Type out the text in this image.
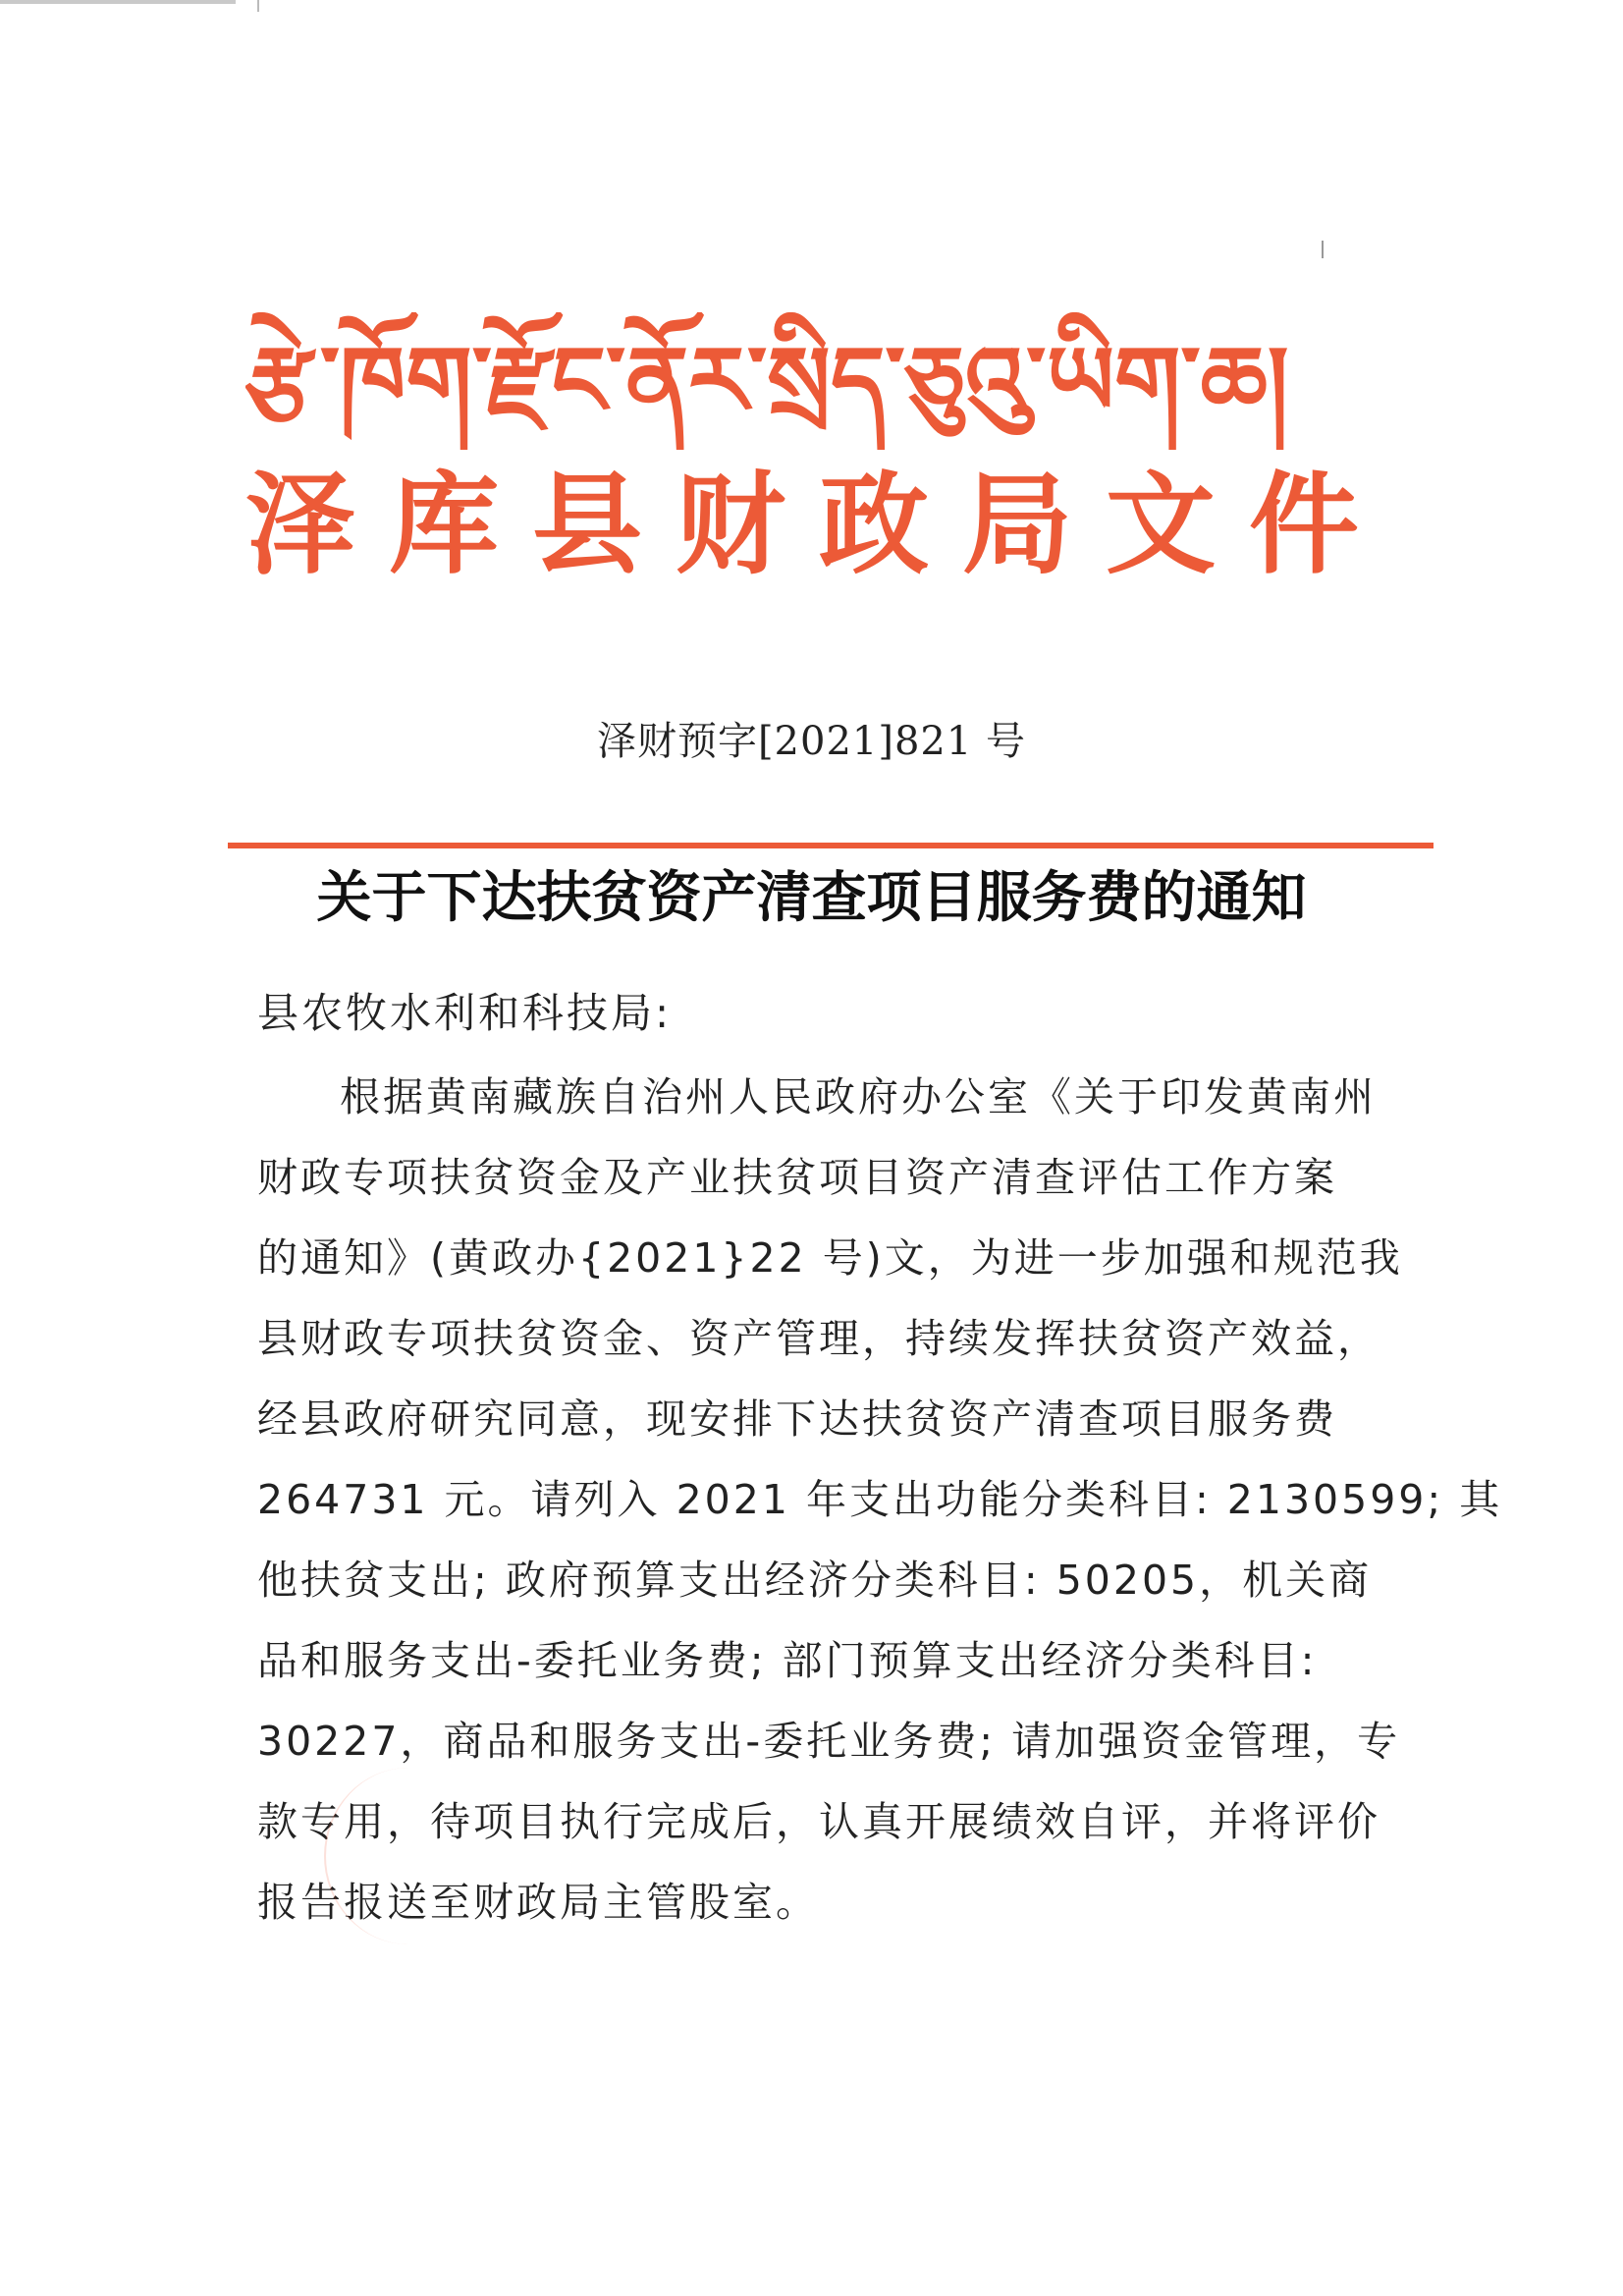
རྩེ་ཁོག་རྫོང་ནོར་སྲིད་ཅུའུ་ཡིག་ཆ།
泽库县财政局文件
泽财预字[2021]821 号
关于下达扶贫资产清查项目服务费的通知
县农牧水利和科技局:
根据黄南藏族自治州人民政府办公室《关于印发黄南州
财政专项扶贫资金及产业扶贫项目资产清查评估工作方案
的通知》(黄政办{2021}22 号)文，为进一步加强和规范我
县财政专项扶贫资金、资产管理，持续发挥扶贫资产效益，
经县政府研究同意，现安排下达扶贫资产清查项目服务费
264731 元。请列入 2021 年支出功能分类科目: 2130599; 其
他扶贫支出; 政府预算支出经济分类科目: 50205，机关商
品和服务支出-委托业务费; 部门预算支出经济分类科目:
30227，商品和服务支出-委托业务费; 请加强资金管理，专
款专用，待项目执行完成后，认真开展绩效自评，并将评价
报告报送至财政局主管股室。
